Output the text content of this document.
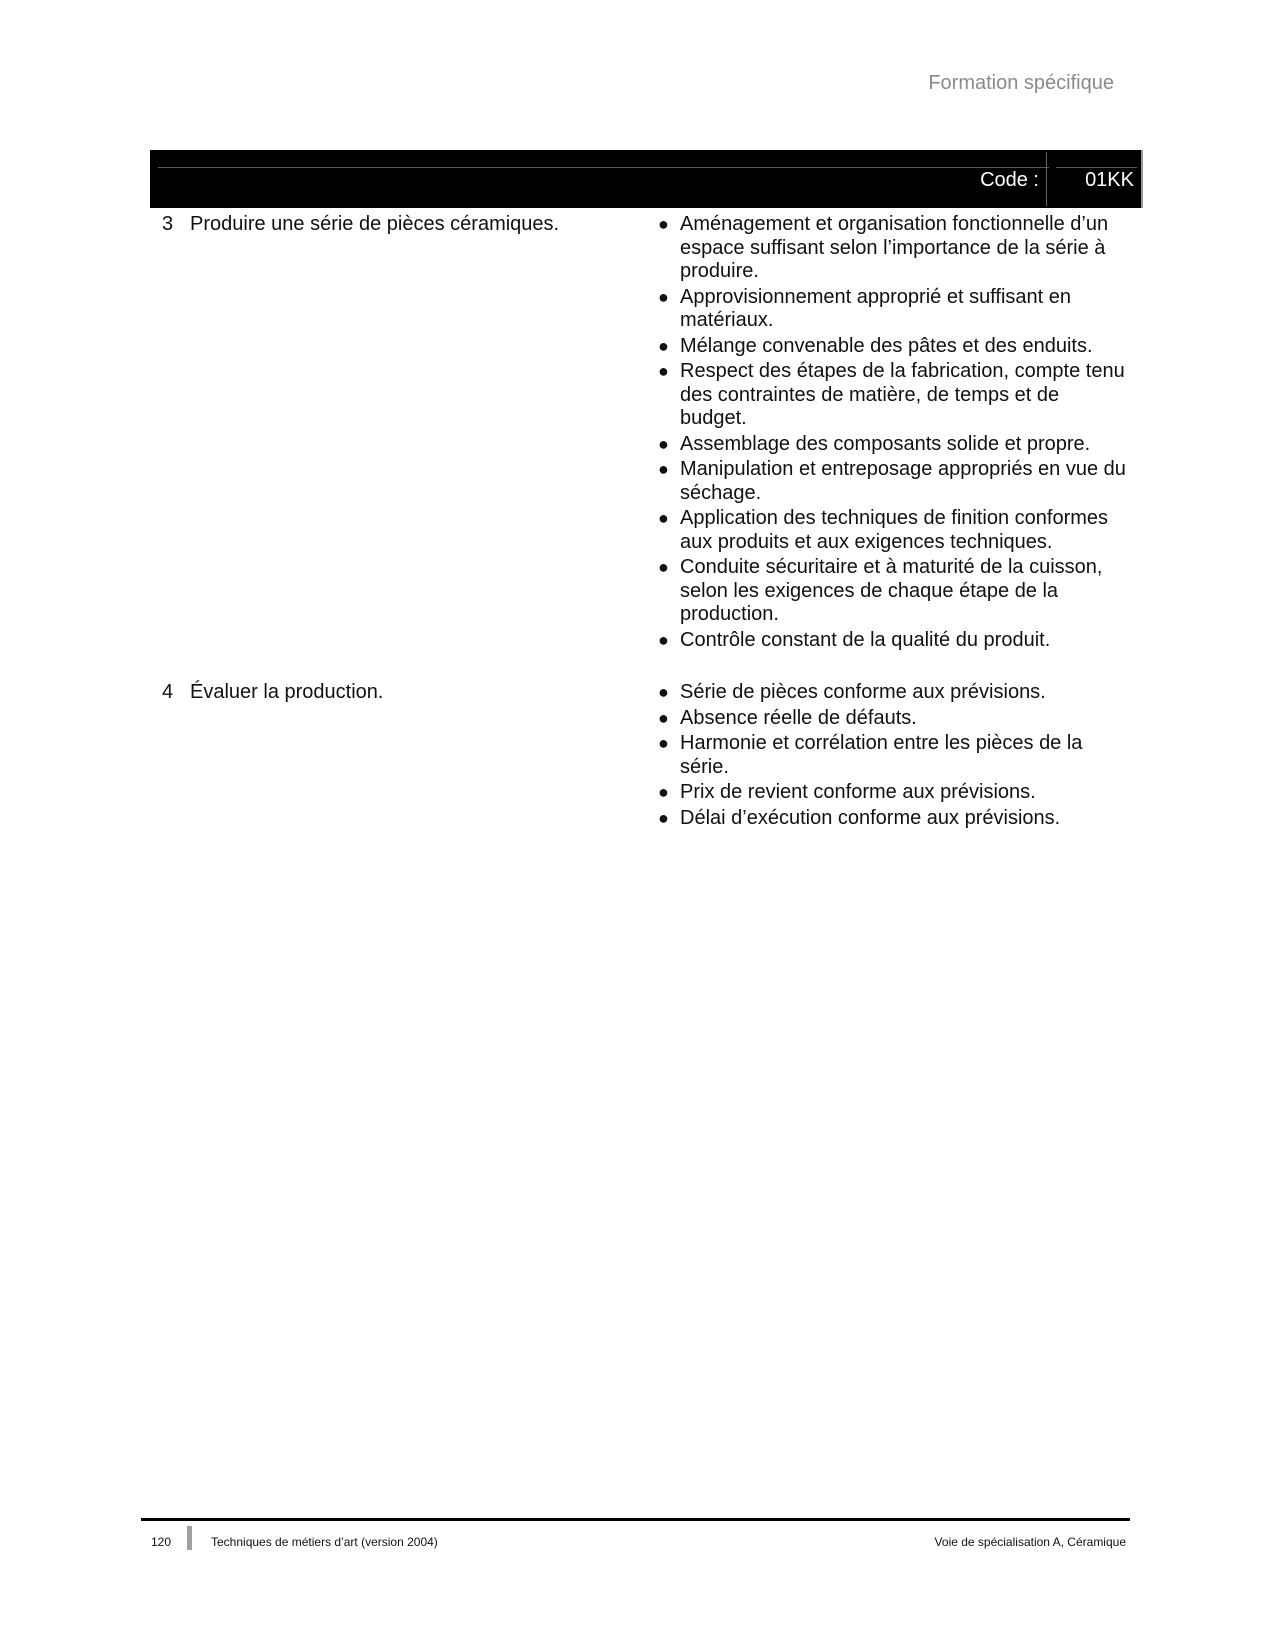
Formation spécifique
Code : 01KK
3 Produire une série de pièces céramiques.	● Aménagement et organisation fonctionnelle d’un espace suffisant selon l’importance de la série à produire.
● Approvisionnement approprié et suffisant en matériaux.
● Mélange convenable des pâtes et des enduits.
● Respect des étapes de la fabrication, compte tenu des contraintes de matière, de temps et de budget.
● Assemblage des composants solide et propre.
● Manipulation et entreposage appropriés en vue du séchage.
● Application des techniques de finition conformes aux produits et aux exigences techniques.
● Conduite sécuritaire et à maturité de la cuisson, selon les exigences de chaque étape de la production.
● Contrôle constant de la qualité du produit.
4 Évaluer la production.	● Série de pièces conforme aux prévisions.
● Absence réelle de défauts.
● Harmonie et corrélation entre les pièces de la série.
● Prix de revient conforme aux prévisions.
● Délai d’exécution conforme aux prévisions.
120	Techniques de métiers d’art (version 2004)	Voie de spécialisation A, Céramique
